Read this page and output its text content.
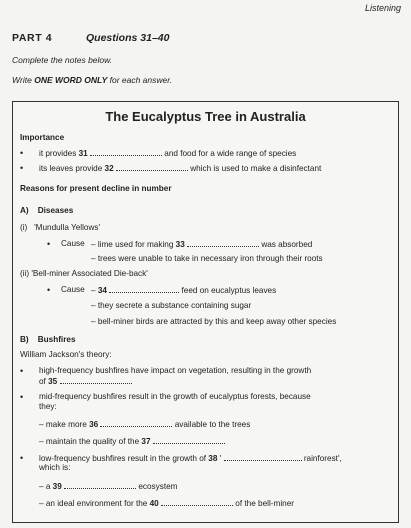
Listening
PART 4	Questions 31–40
Complete the notes below.
Write ONE WORD ONLY for each answer.
The Eucalyptus Tree in Australia
Importance
• it provides 31	and food for a wide range of species
• its leaves provide 32	which is used to make a disinfectant
Reasons for present decline in number
A)    Diseases
(i)   'Mundulla Yellows'
• Cause – lime used for making 33	was absorbed
– trees were unable to take in necessary iron through their roots
(ii) 'Bell-miner Associated Die-back'
• Cause – 34	feed on eucalyptus leaves
– they secrete a substance containing sugar
– bell-miner birds are attracted by this and keep away other species
B)    Bushfires
William Jackson's theory:
• high-frequency bushfires have impact on vegetation, resulting in the growth
of 35
• mid-frequency bushfires result in the growth of eucalyptus forests, because
they:
– make more 36	available to the trees
– maintain the quality of the 37
• low-frequency bushfires result in the growth of 38 '	rainforest',
which is:
– a 39	ecosystem
– an ideal environment for the 40	of the bell-miner
